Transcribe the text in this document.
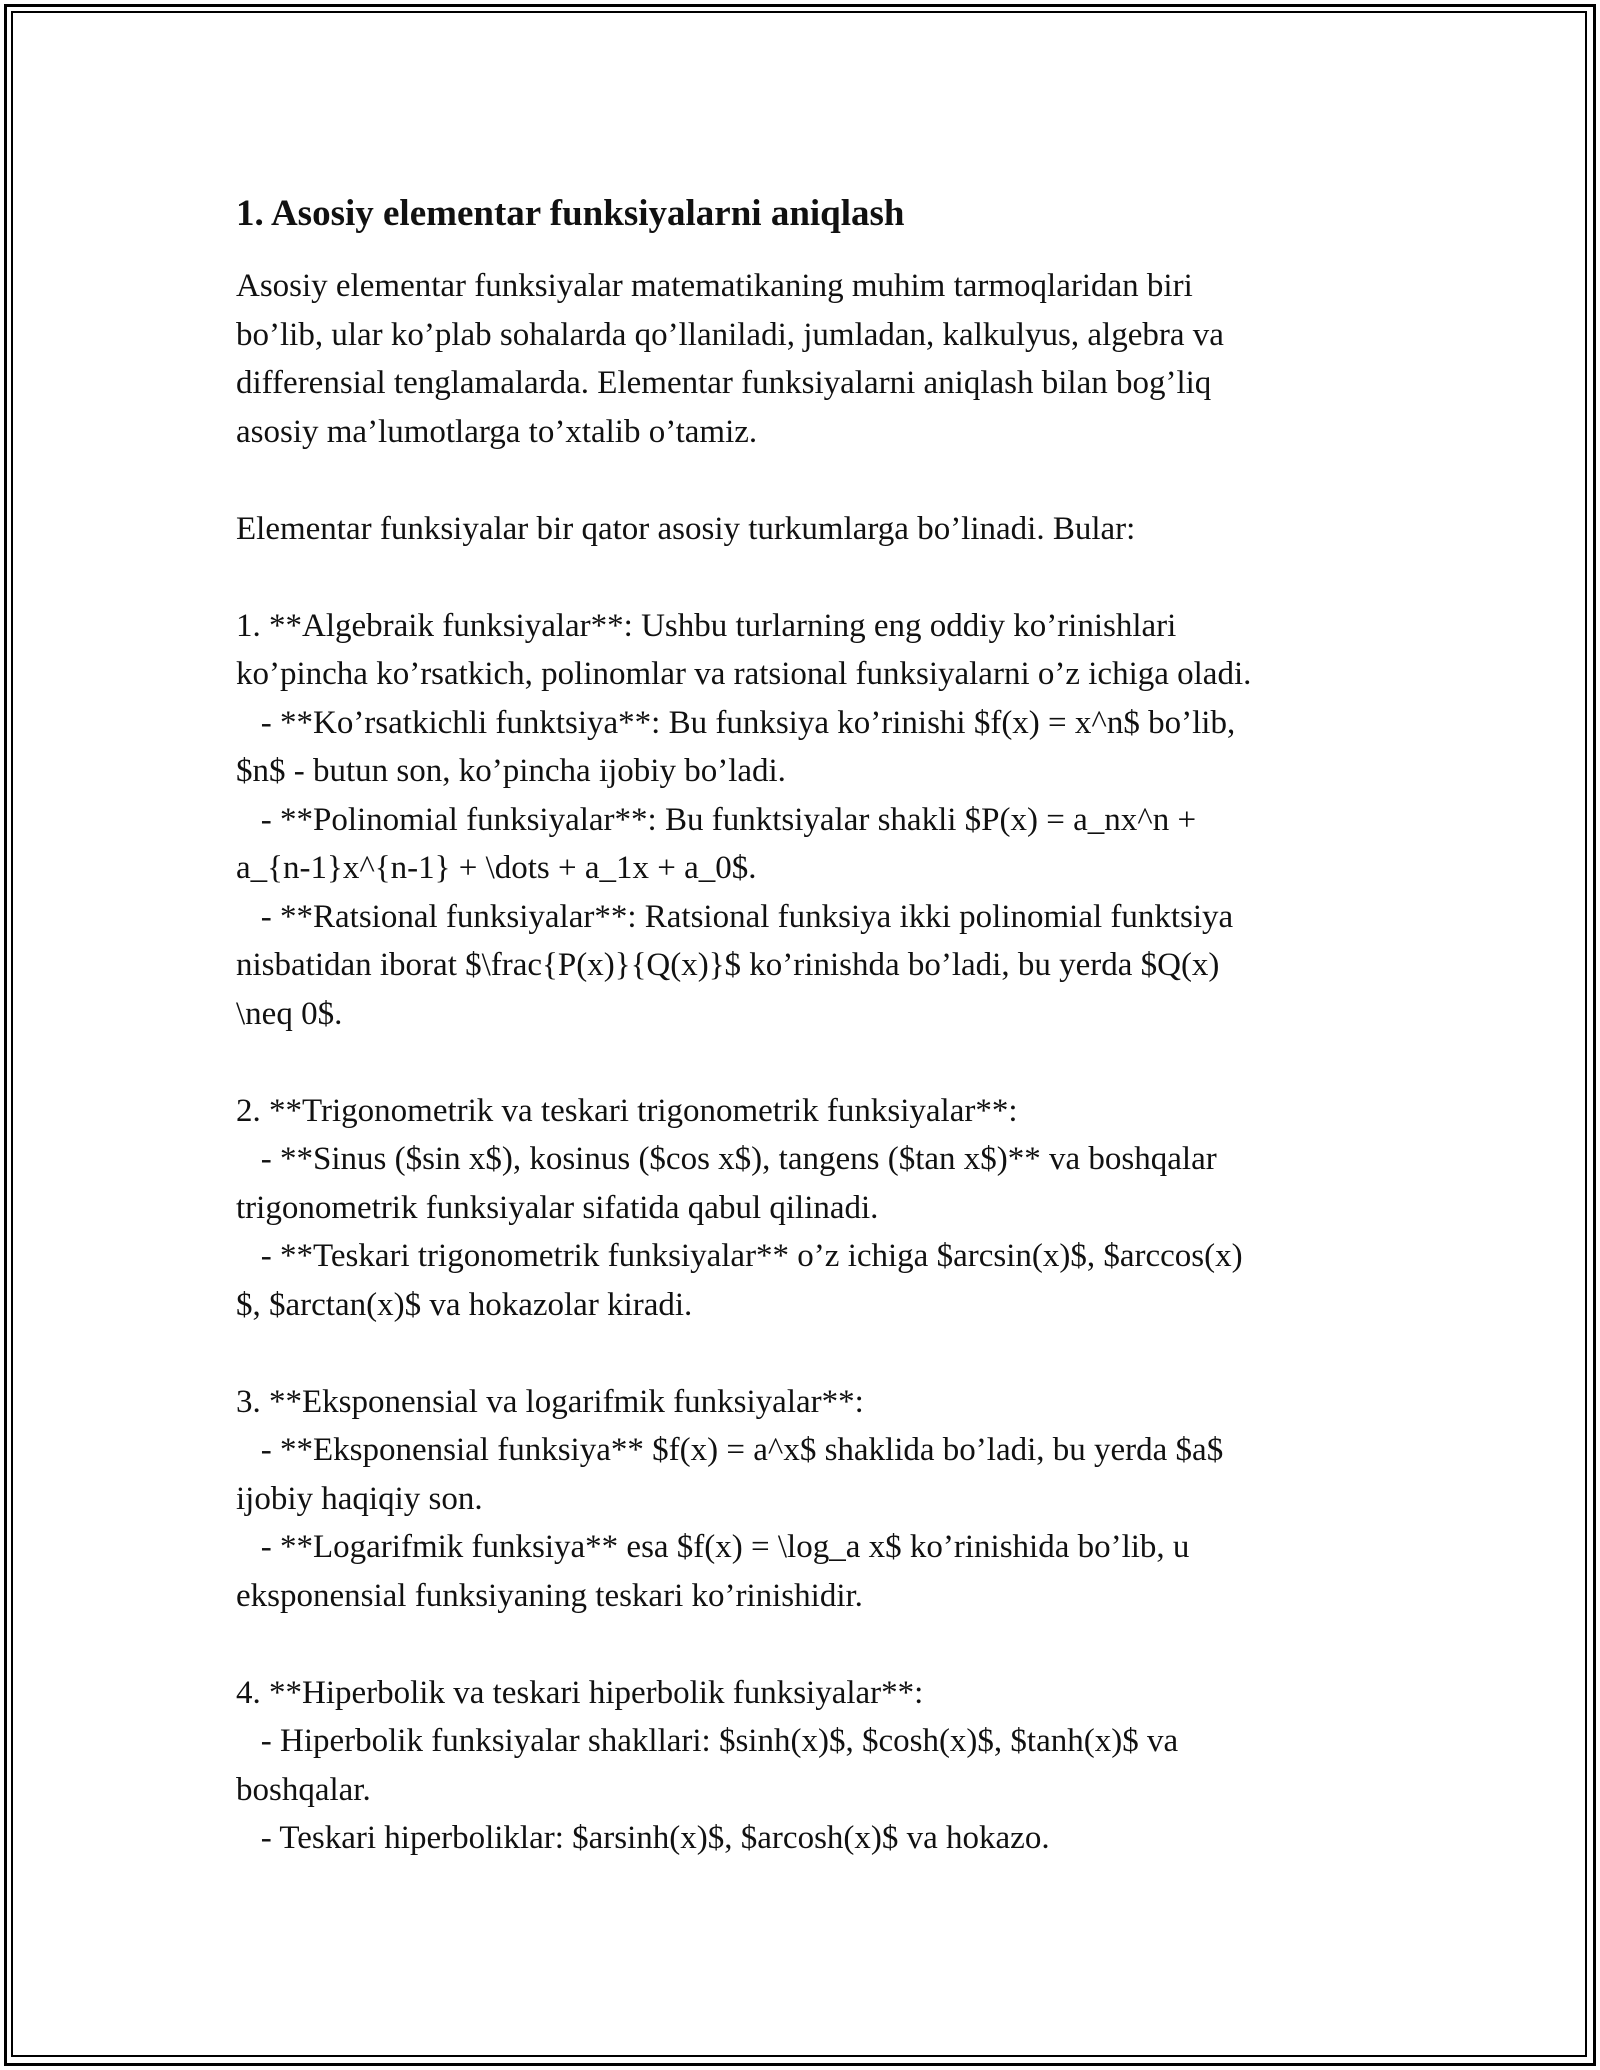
1. Asosiy elementar funksiyalarni aniqlash
Asosiy elementar funksiyalar matematikaning muhim tarmoqlaridan biri
bo’lib, ular ko’plab sohalarda qo’llaniladi, jumladan, kalkulyus, algebra va
differensial tenglamalarda. Elementar funksiyalarni aniqlash bilan bog’liq
asosiy ma’lumotlarga to’xtalib o’tamiz.
Elementar funksiyalar bir qator asosiy turkumlarga bo’linadi. Bular:
1. **Algebraik funksiyalar**: Ushbu turlarning eng oddiy ko’rinishlari
ko’pincha ko’rsatkich, polinomlar va ratsional funksiyalarni o’z ichiga oladi.
- **Ko’rsatkichli funktsiya**: Bu funksiya ko’rinishi $f(x) = x^n$ bo’lib,
$n$ - butun son, ko’pincha ijobiy bo’ladi.
- **Polinomial funksiyalar**: Bu funktsiyalar shakli $P(x) = a_nx^n +
a_{n-1}x^{n-1} + \dots + a_1x + a_0$.
- **Ratsional funksiyalar**: Ratsional funksiya ikki polinomial funktsiya
nisbatidan iborat $\frac{P(x)}{Q(x)}$ ko’rinishda bo’ladi, bu yerda $Q(x)
\neq 0$.
2. **Trigonometrik va teskari trigonometrik funksiyalar**:
- **Sinus ($sin x$), kosinus ($cos x$), tangens ($tan x$)** va boshqalar
trigonometrik funksiyalar sifatida qabul qilinadi.
- **Teskari trigonometrik funksiyalar** o’z ichiga $arcsin(x)$, $arccos(x)
$, $arctan(x)$ va hokazolar kiradi.
3. **Eksponensial va logarifmik funksiyalar**:
- **Eksponensial funksiya** $f(x) = a^x$ shaklida bo’ladi, bu yerda $a$
ijobiy haqiqiy son.
- **Logarifmik funksiya** esa $f(x) = \log_a x$ ko’rinishida bo’lib, u
eksponensial funksiyaning teskari ko’rinishidir.
4. **Hiperbolik va teskari hiperbolik funksiyalar**:
- Hiperbolik funksiyalar shakllari: $sinh(x)$, $cosh(x)$, $tanh(x)$ va
boshqalar.
- Teskari hiperboliklar: $arsinh(x)$, $arcosh(x)$ va hokazo.
